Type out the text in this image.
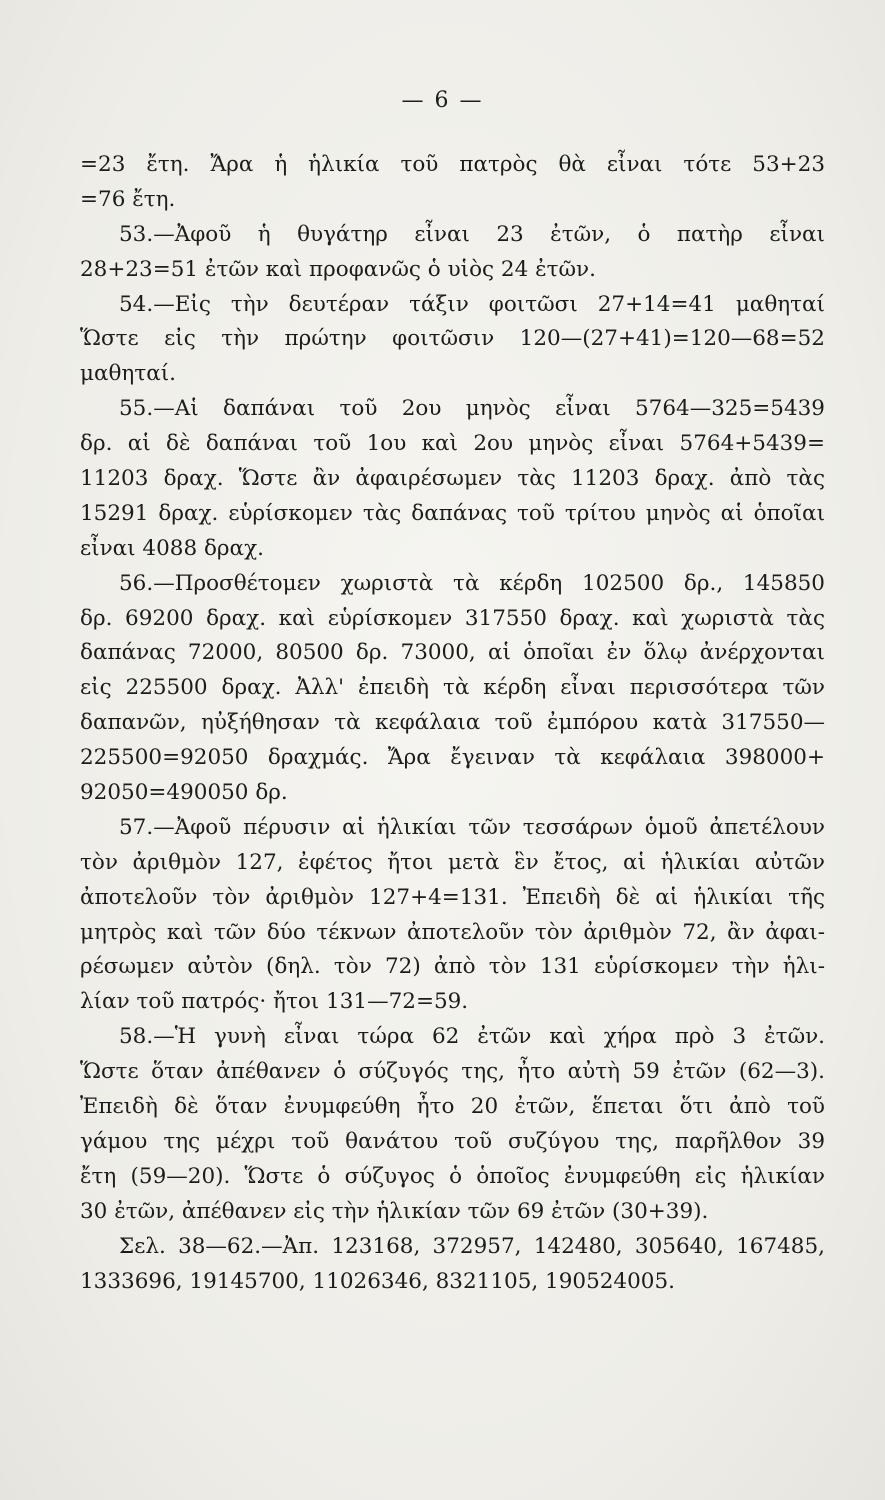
— 6 —
=23 ἔτη. Ἄρα ἡ ἡλικία τοῦ πατρὸς θὰ εἶναι τότε 53+23
=76 ἔτη.
53.—Ἀφοῦ ἡ θυγάτηρ εἶναι 23 ἐτῶν, ὁ πατὴρ εἶναι
28+23=51 ἐτῶν καὶ προφανῶς ὁ υἱὸς 24 ἐτῶν.
54.—Εἰς τὴν δευτέραν τάξιν φοιτῶσι 27+14=41 μαθηταί
Ὥστε εἰς τὴν πρώτην φοιτῶσιν 120—(27+41)=120—68=52
μαθηταί.
55.—Αἱ δαπάναι τοῦ 2ου μηνὸς εἶναι 5764—325=5439
δρ. αἱ δὲ δαπάναι τοῦ 1ου καὶ 2ου μηνὸς εἶναι 5764+5439=
11203 δραχ. Ὥστε ἂν ἀφαιρέσωμεν τὰς 11203 δραχ. ἀπὸ τὰς
15291 δραχ. εὑρίσκομεν τὰς δαπάνας τοῦ τρίτου μηνὸς αἱ ὁποῖαι
εἶναι 4088 δραχ.
56.—Προσθέτομεν χωριστὰ τὰ κέρδη 102500 δρ., 145850
δρ. 69200 δραχ. καὶ εὑρίσκομεν 317550 δραχ. καὶ χωριστὰ τὰς
δαπάνας 72000, 80500 δρ. 73000, αἱ ὁποῖαι ἐν ὅλῳ ἀνέρχονται
εἰς 225500 δραχ. Ἀλλ' ἐπειδὴ τὰ κέρδη εἶναι περισσότερα τῶν
δαπανῶν, ηὐξήθησαν τὰ κεφάλαια τοῦ ἐμπόρου κατὰ 317550—
225500=92050 δραχμάς. Ἄρα ἔγειναν τὰ κεφάλαια 398000+
92050=490050 δρ.
57.—Ἀφοῦ πέρυσιν αἱ ἡλικίαι τῶν τεσσάρων ὁμοῦ ἀπετέλουν
τὸν ἀριθμὸν 127, ἐφέτος ἤτοι μετὰ ἓν ἔτος, αἱ ἡλικίαι αὐτῶν
ἀποτελοῦν τὸν ἀριθμὸν 127+4=131. Ἐπειδὴ δὲ αἱ ἡλικίαι τῆς
μητρὸς καὶ τῶν δύο τέκνων ἀποτελοῦν τὸν ἀριθμὸν 72, ἂν ἀφαι-
ρέσωμεν αὐτὸν (δηλ. τὸν 72) ἀπὸ τὸν 131 εὑρίσκομεν τὴν ἡλι-
λίαν τοῦ πατρός· ἤτοι 131—72=59.
58.—Ἡ γυνὴ εἶναι τώρα 62 ἐτῶν καὶ χήρα πρὸ 3 ἐτῶν.
Ὥστε ὅταν ἀπέθανεν ὁ σύζυγός της, ἦτο αὐτὴ 59 ἐτῶν (62—3).
Ἐπειδὴ δὲ ὅταν ἐνυμφεύθη ἦτο 20 ἐτῶν, ἕπεται ὅτι ἀπὸ τοῦ
γάμου της μέχρι τοῦ θανάτου τοῦ συζύγου της, παρῆλθον 39
ἔτη (59—20). Ὥστε ὁ σύζυγος ὁ ὁποῖος ἐνυμφεύθη εἰς ἡλικίαν
30 ἐτῶν, ἀπέθανεν εἰς τὴν ἡλικίαν τῶν 69 ἐτῶν (30+39).
Σελ. 38—62.—Ἀπ. 123168, 372957, 142480, 305640, 167485,
1333696, 19145700, 11026346, 8321105, 190524005.
